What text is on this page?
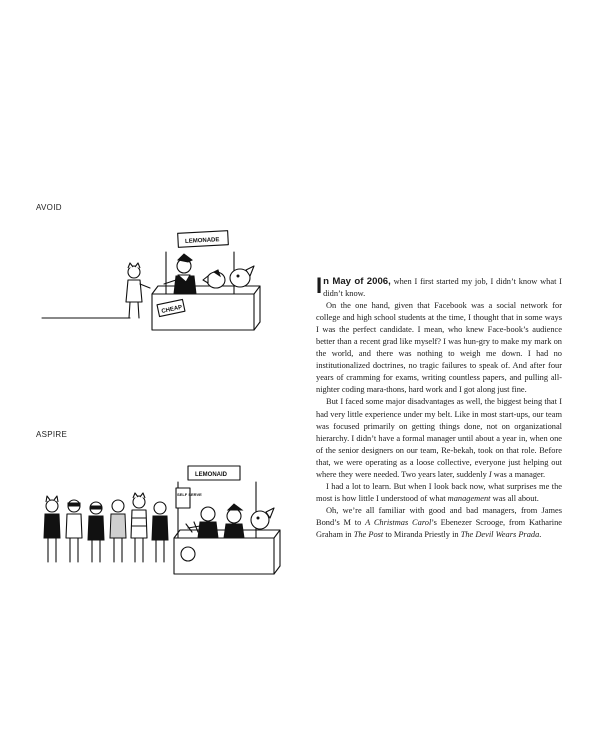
AVOID
LEMONADE
CHEAP
ASPIRE
LEMONAID
SELF SERVE

In May of 2006, when I first started my job, I didn’t know what I didn’t know.

On the one hand, given that Facebook was a social network for college and high school students at the time, I thought that in some ways I was the perfect candidate. I mean, who knew Face-book’s audience better than a recent grad like myself? I was hun-gry to make my mark on the world, and there was nothing to weigh me down. I had no institutionalized doctrines, no tragic failures to speak of. And after four years of cramming for exams, writing countless papers, and pulling all-nighter coding mara-thons, hard work and I got along just fine.

But I faced some major disadvantages as well, the biggest being that I had very little experience under my belt. Like in most start-ups, our team was focused primarily on getting things done, not on organizational hierarchy. I didn’t have a formal manager until about a year in, when one of the senior designers on our team, Re-bekah, took on that role. Before that, we were operating as a loose collective, everyone just helping out where they were needed. Two years later, suddenly I was a manager.

I had a lot to learn. But when I look back now, what surprises me the most is how little I understood of what management was all about.

Oh, we’re all familiar with good and bad managers, from James Bond’s M to A Christmas Carol’s Ebenezer Scrooge, from Katharine Graham in The Post to Miranda Priestly in The Devil Wears Prada.
